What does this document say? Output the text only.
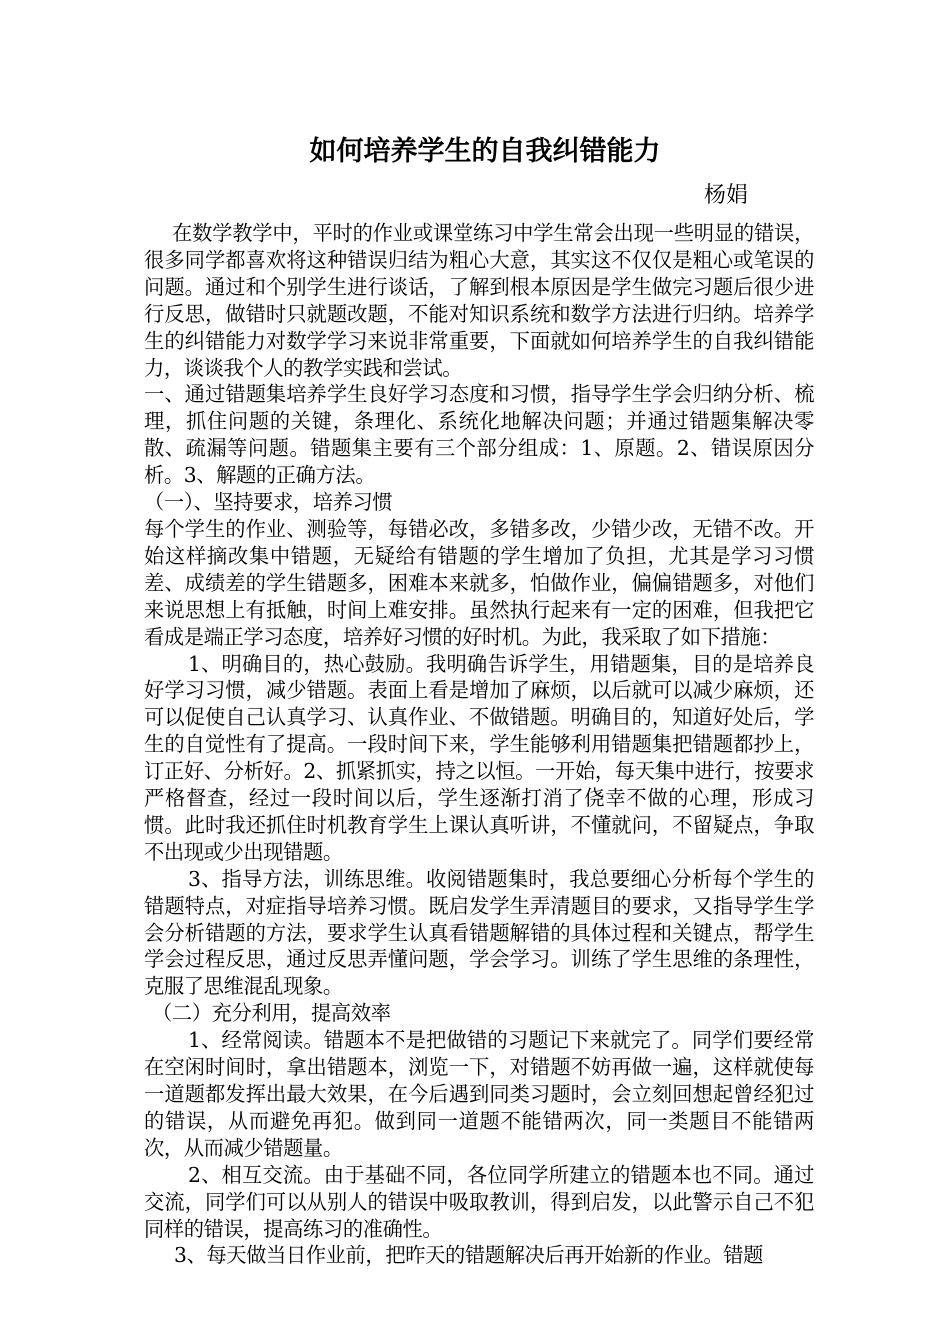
如何培养学生的自我纠错能力
杨娟

在数学教学中，平时的作业或课堂练习中学生常会出现一些明显的错误，很多同学都喜欢将这种错误归结为粗心大意，其实这不仅仅是粗心或笔误的问题。通过和个别学生进行谈话，了解到根本原因是学生做完习题后很少进行反思，做错时只就题改题，不能对知识系统和数学方法进行归纳。培养学生的纠错能力对数学学习来说非常重要，下面就如何培养学生的自我纠错能力，谈谈我个人的教学实践和尝试。

一、通过错题集培养学生良好学习态度和习惯，指导学生学会归纳分析、梳理，抓住问题的关键，条理化、系统化地解决问题；并通过错题集解决零散、疏漏等问题。错题集主要有三个部分组成：1、原题。2、错误原因分析。3、解题的正确方法。

（一）、坚持要求，培养习惯

每个学生的作业、测验等，每错必改，多错多改，少错少改，无错不改。开始这样摘改集中错题，无疑给有错题的学生增加了负担，尤其是学习习惯差、成绩差的学生错题多，困难本来就多，怕做作业，偏偏错题多，对他们来说思想上有抵触，时间上难安排。虽然执行起来有一定的困难，但我把它看成是端正学习态度，培养好习惯的好时机。为此，我采取了如下措施：

1、明确目的，热心鼓励。我明确告诉学生，用错题集，目的是培养良好学习习惯，减少错题。表面上看是增加了麻烦，以后就可以减少麻烦，还可以促使自己认真学习、认真作业、不做错题。明确目的，知道好处后，学生的自觉性有了提高。一段时间下来，学生能够利用错题集把错题都抄上，订正好、分析好。2、抓紧抓实，持之以恒。一开始，每天集中进行，按要求严格督查，经过一段时间以后，学生逐渐打消了侥幸不做的心理，形成习惯。此时我还抓住时机教育学生上课认真听讲，不懂就问，不留疑点，争取不出现或少出现错题。

3、指导方法，训练思维。收阅错题集时，我总要细心分析每个学生的错题特点，对症指导培养习惯。既启发学生弄清题目的要求，又指导学生学会分析错题的方法，要求学生认真看错题解错的具体过程和关键点，帮学生学会过程反思，通过反思弄懂问题，学会学习。训练了学生思维的条理性，克服了思维混乱现象。

（二）充分利用，提高效率

1、经常阅读。错题本不是把做错的习题记下来就完了。同学们要经常在空闲时间时，拿出错题本，浏览一下，对错题不妨再做一遍，这样就使每一道题都发挥出最大效果，在今后遇到同类习题时，会立刻回想起曾经犯过的错误，从而避免再犯。做到同一道题不能错两次，同一类题目不能错两次，从而减少错题量。

2、相互交流。由于基础不同，各位同学所建立的错题本也不同。通过交流，同学们可以从别人的错误中吸取教训，得到启发，以此警示自己不犯同样的错误，提高练习的准确性。

3、每天做当日作业前，把昨天的错题解决后再开始新的作业。错题
